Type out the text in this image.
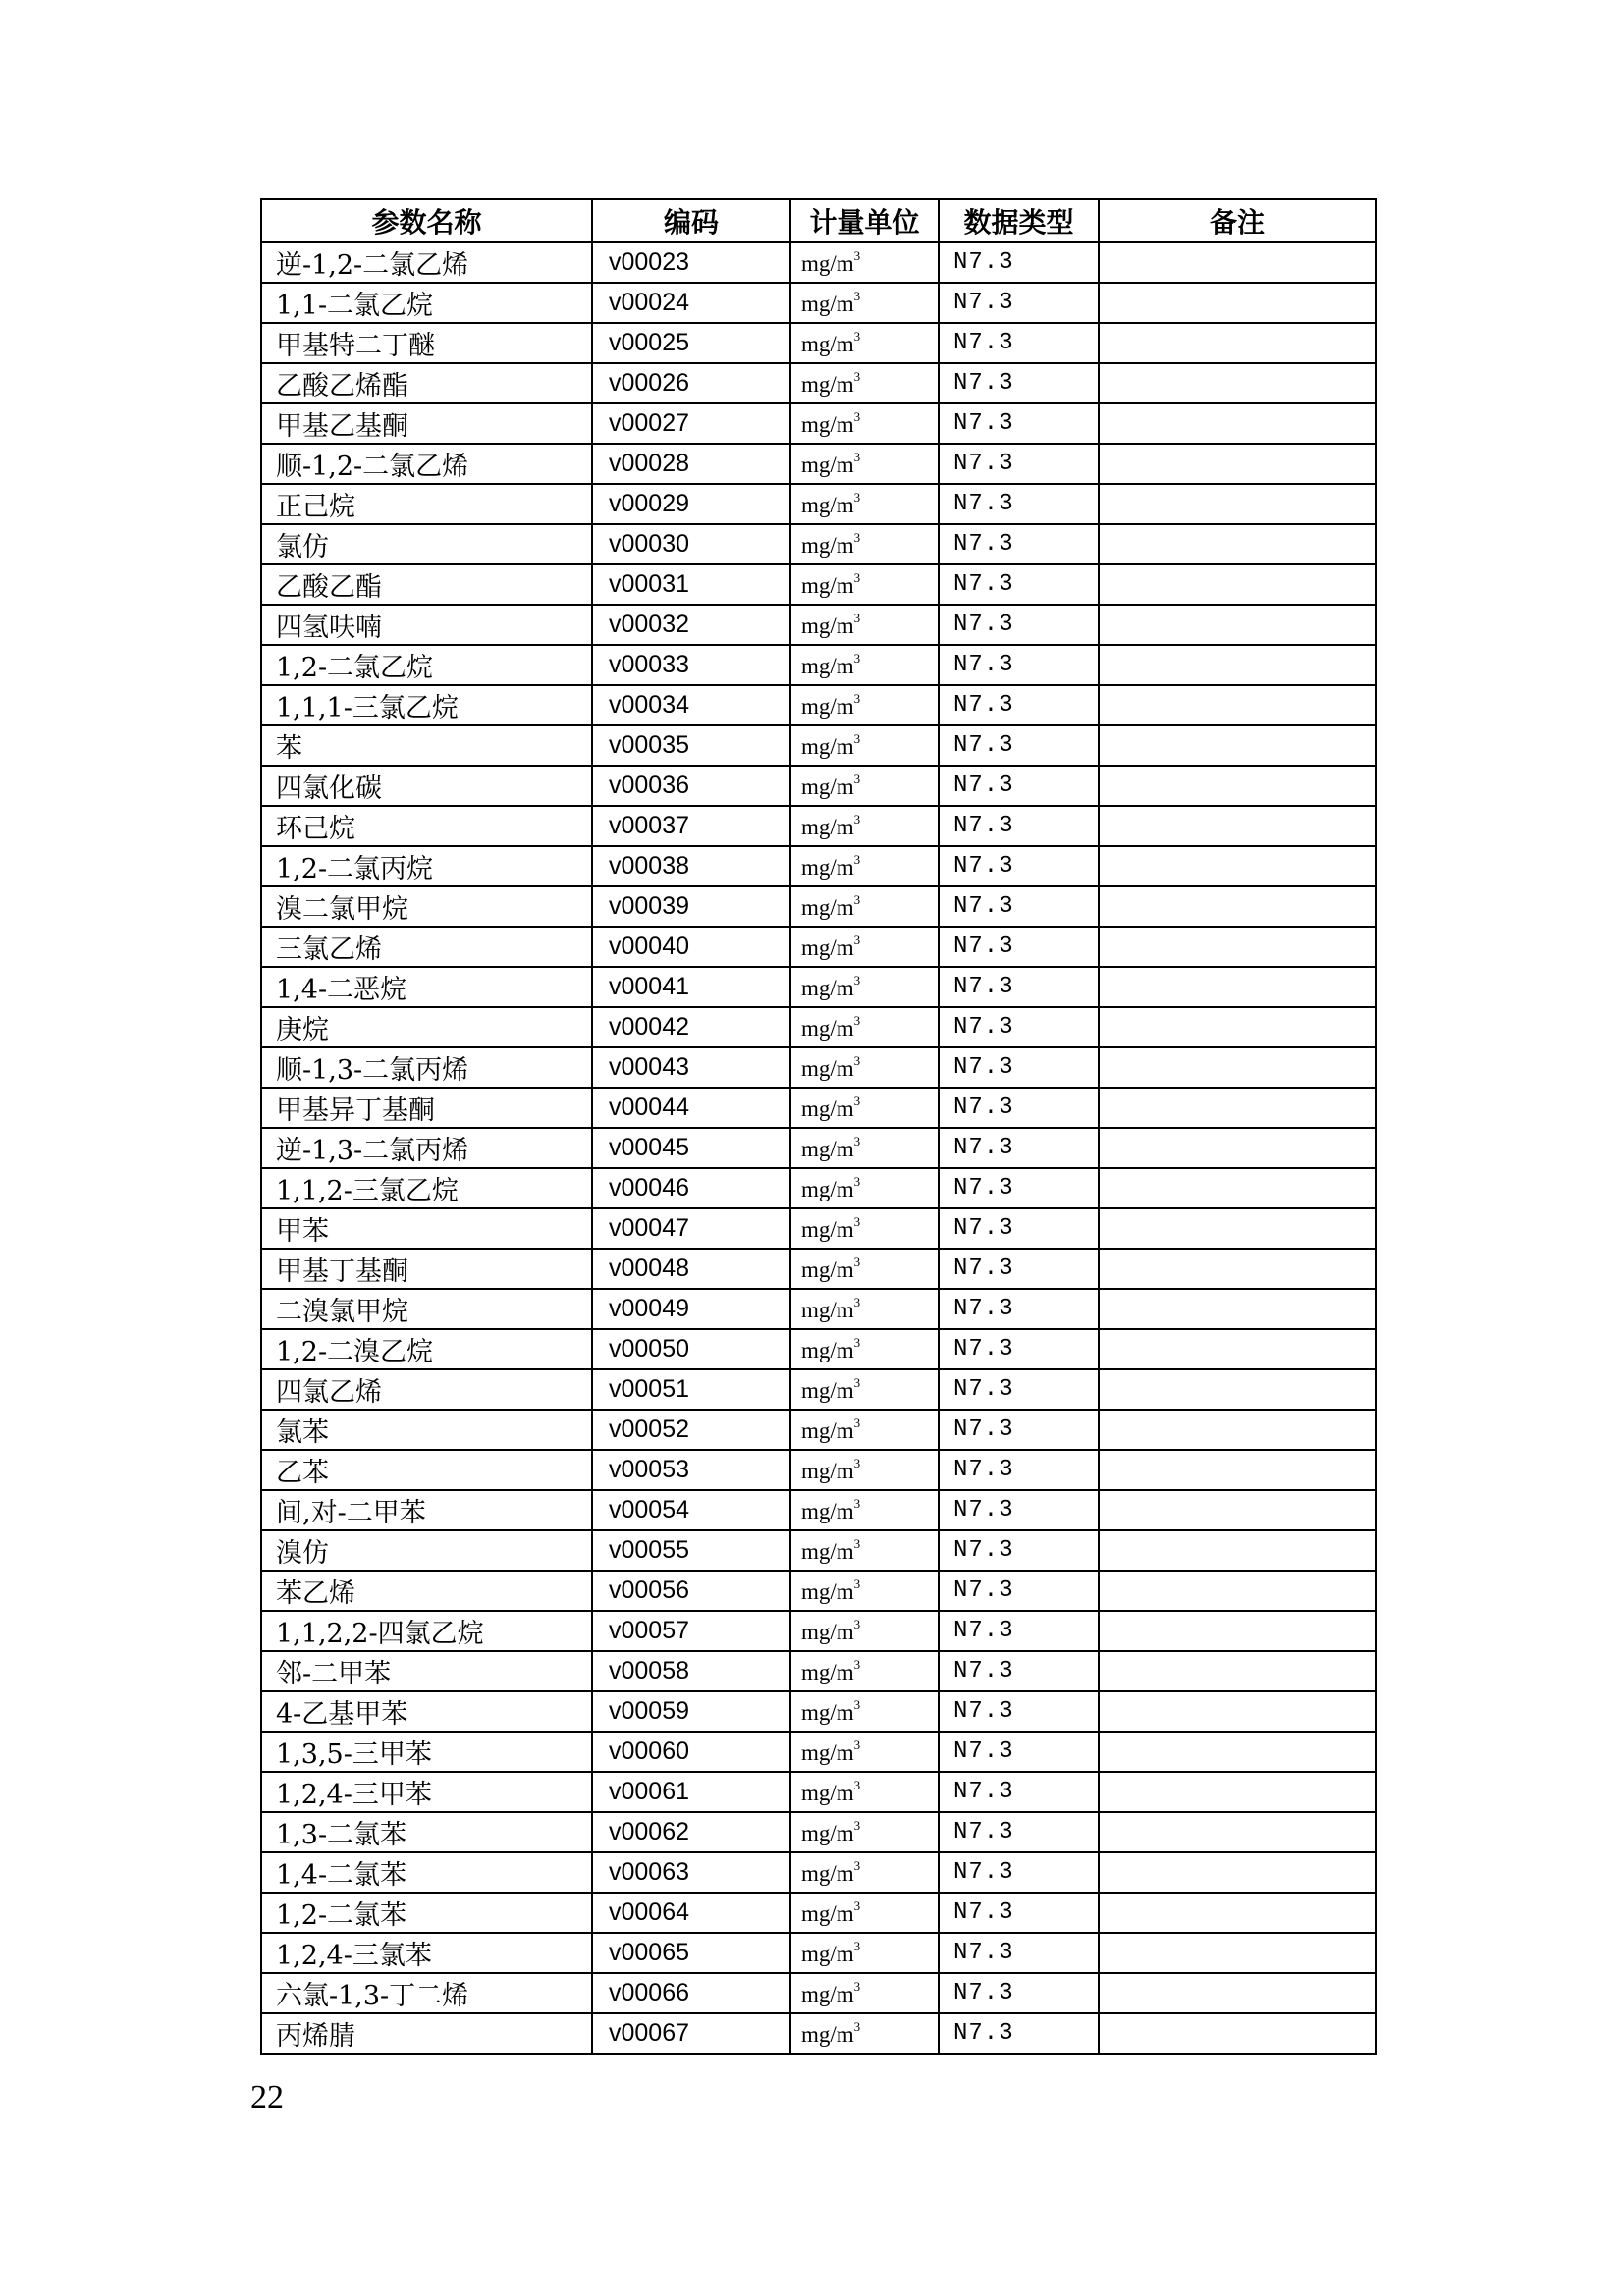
参数名称	编码	计量单位	数据类型	备注
逆-1,2-二氯乙烯	v00023	$mg/m^3$	N7.3	
1,1-二氯乙烷	v00024	$mg/m^3$	N7.3	
甲基特二丁醚	v00025	$mg/m^3$	N7.3	
乙酸乙烯酯	v00026	$mg/m^3$	N7.3	
甲基乙基酮	v00027	$mg/m^3$	N7.3	
顺-1,2-二氯乙烯	v00028	$mg/m^3$	N7.3	
正己烷	v00029	$mg/m^3$	N7.3	
氯仿	v00030	$mg/m^3$	N7.3	
乙酸乙酯	v00031	$mg/m^3$	N7.3	
四氢呋喃	v00032	$mg/m^3$	N7.3	
1,2-二氯乙烷	v00033	$mg/m^3$	N7.3	
1,1,1-三氯乙烷	v00034	$mg/m^3$	N7.3	
苯	v00035	$mg/m^3$	N7.3	
四氯化碳	v00036	$mg/m^3$	N7.3	
环己烷	v00037	$mg/m^3$	N7.3	
1,2-二氯丙烷	v00038	$mg/m^3$	N7.3	
溴二氯甲烷	v00039	$mg/m^3$	N7.3	
三氯乙烯	v00040	$mg/m^3$	N7.3	
1,4-二恶烷	v00041	$mg/m^3$	N7.3	
庚烷	v00042	$mg/m^3$	N7.3	
顺-1,3-二氯丙烯	v00043	$mg/m^3$	N7.3	
甲基异丁基酮	v00044	$mg/m^3$	N7.3	
逆-1,3-二氯丙烯	v00045	$mg/m^3$	N7.3	
1,1,2-三氯乙烷	v00046	$mg/m^3$	N7.3	
甲苯	v00047	$mg/m^3$	N7.3	
甲基丁基酮	v00048	$mg/m^3$	N7.3	
二溴氯甲烷	v00049	$mg/m^3$	N7.3	
1,2-二溴乙烷	v00050	$mg/m^3$	N7.3	
四氯乙烯	v00051	$mg/m^3$	N7.3	
氯苯	v00052	$mg/m^3$	N7.3	
乙苯	v00053	$mg/m^3$	N7.3	
间,对-二甲苯	v00054	$mg/m^3$	N7.3	
溴仿	v00055	$mg/m^3$	N7.3	
苯乙烯	v00056	$mg/m^3$	N7.3	
1,1,2,2-四氯乙烷	v00057	$mg/m^3$	N7.3	
邻-二甲苯	v00058	$mg/m^3$	N7.3	
4-乙基甲苯	v00059	$mg/m^3$	N7.3	
1,3,5-三甲苯	v00060	$mg/m^3$	N7.3	
1,2,4-三甲苯	v00061	$mg/m^3$	N7.3	
1,3-二氯苯	v00062	$mg/m^3$	N7.3	
1,4-二氯苯	v00063	$mg/m^3$	N7.3	
1,2-二氯苯	v00064	$mg/m^3$	N7.3	
1,2,4-三氯苯	v00065	$mg/m^3$	N7.3	
六氯-1,3-丁二烯	v00066	$mg/m^3$	N7.3	
丙烯腈	v00067	$mg/m^3$	N7.3	
22
